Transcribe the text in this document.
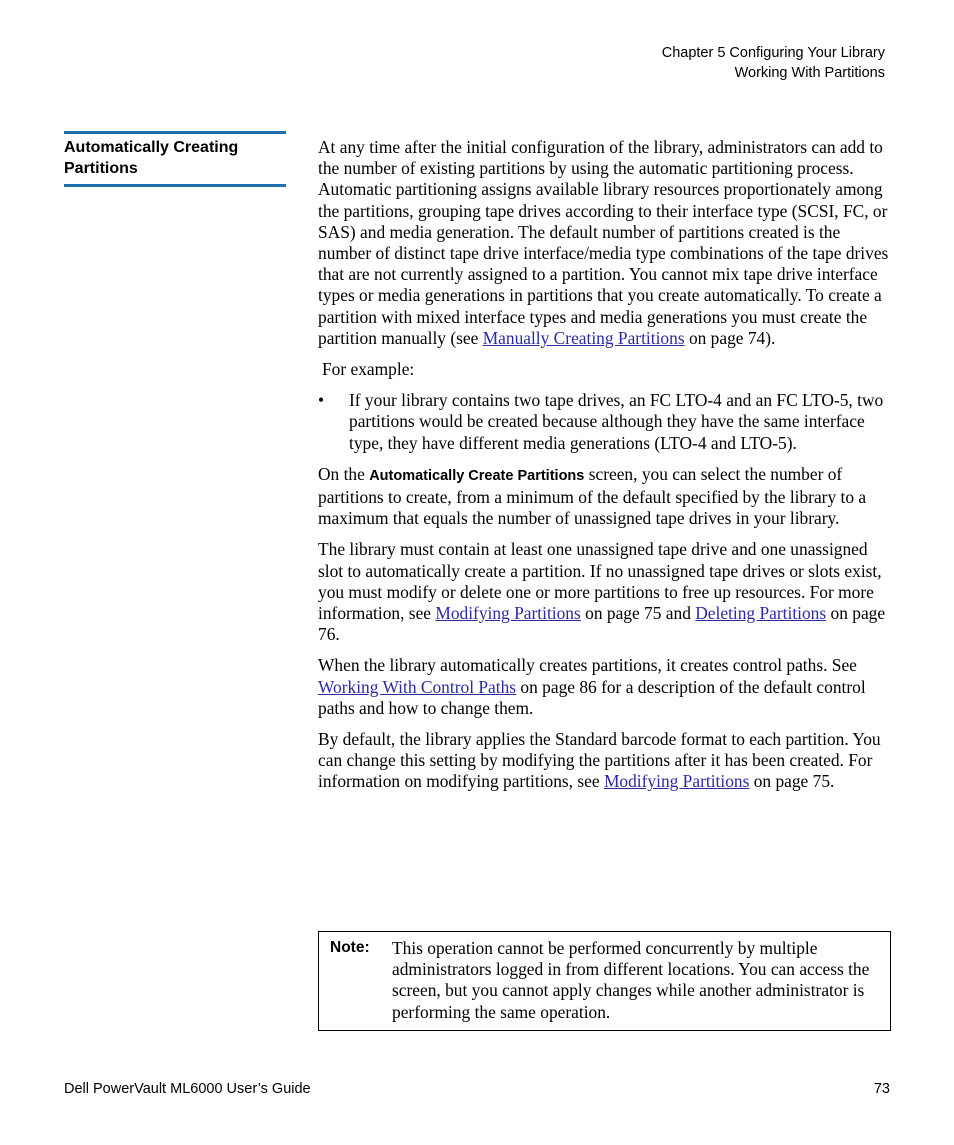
Chapter 5 Configuring Your Library
Working With Partitions
Automatically Creating
Partitions

At any time after the initial configuration of the library, administrators can add to the number of existing partitions by using the automatic partitioning process. Automatic partitioning assigns available library resources proportionately among the partitions, grouping tape drives according to their interface type (SCSI, FC, or SAS) and media generation. The default number of partitions created is the number of distinct tape drive interface/media type combinations of the tape drives that are not currently assigned to a partition. You cannot mix tape drive interface types or media generations in partitions that you create automatically. To create a partition with mixed interface types and media generations you must create the partition manually (see Manually Creating Partitions on page 74).

For example:

• If your library contains two tape drives, an FC LTO-4 and an FC LTO-5, two partitions would be created because although they have the same interface type, they have different media generations (LTO-4 and LTO-5).

On the Automatically Create Partitions screen, you can select the number of partitions to create, from a minimum of the default specified by the library to a maximum that equals the number of unassigned tape drives in your library.

The library must contain at least one unassigned tape drive and one unassigned slot to automatically create a partition. If no unassigned tape drives or slots exist, you must modify or delete one or more partitions to free up resources. For more information, see Modifying Partitions on page 75 and Deleting Partitions on page 76.

When the library automatically creates partitions, it creates control paths. See Working With Control Paths on page 86 for a description of the default control paths and how to change them.

By default, the library applies the Standard barcode format to each partition. You can change this setting by modifying the partitions after it has been created. For information on modifying partitions, see Modifying Partitions on page 75.

Note: This operation cannot be performed concurrently by multiple administrators logged in from different locations. You can access the screen, but you cannot apply changes while another administrator is performing the same operation.
Dell PowerVault ML6000 User’s Guide	73
